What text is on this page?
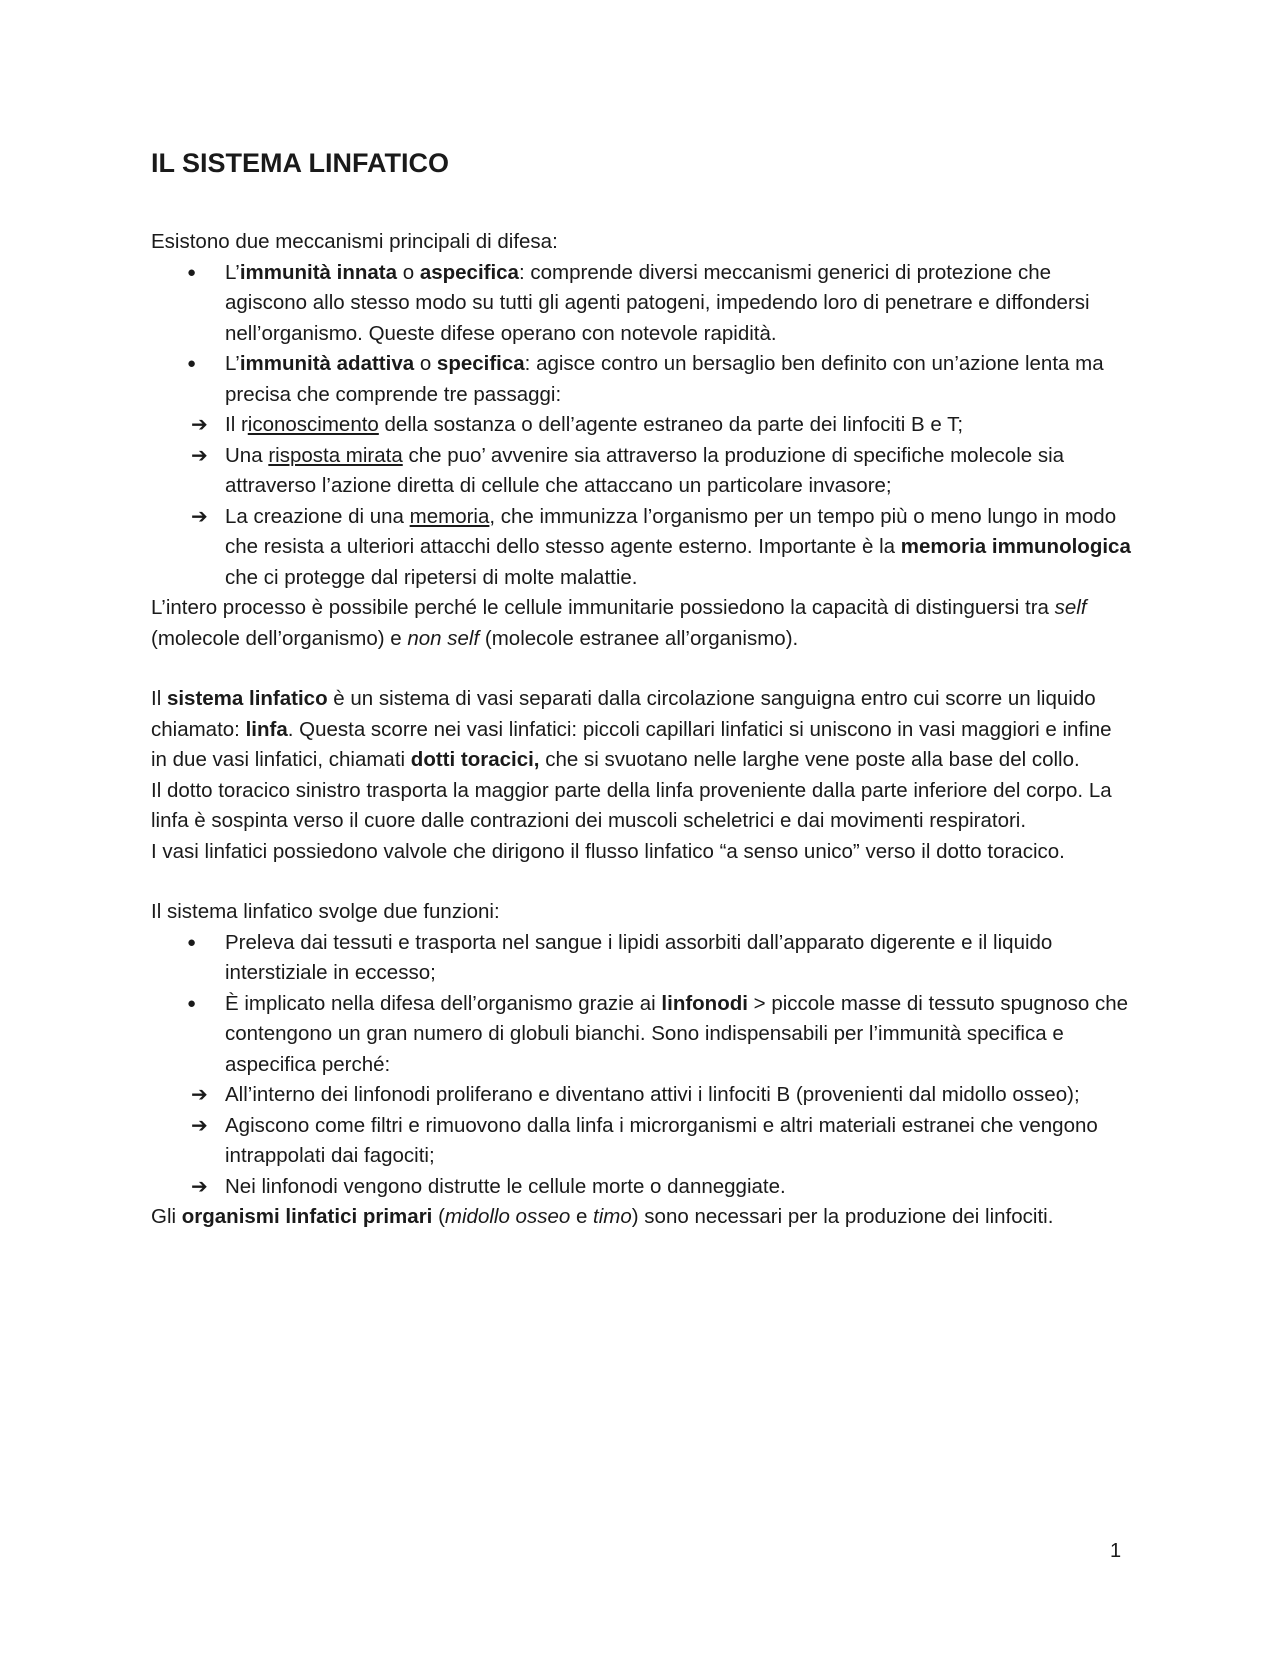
IL SISTEMA LINFATICO

Esistono due meccanismi principali di difesa:

●	L’immunità innata o aspecifica: comprende diversi meccanismi generici di protezione che agiscono allo stesso modo su tutti gli agenti patogeni, impedendo loro di penetrare e diffondersi nell’organismo. Queste difese operano con notevole rapidità.
●	L’immunità adattiva o specifica: agisce contro un bersaglio ben definito con un’azione lenta ma precisa che comprende tre passaggi:
➔ Il riconoscimento della sostanza o dell’agente estraneo da parte dei linfociti B e T;
➔ Una risposta mirata che puo’ avvenire sia attraverso la produzione di specifiche molecole sia attraverso l’azione diretta di cellule che attaccano un particolare invasore;
➔ La creazione di una memoria, che immunizza l’organismo per un tempo più o meno lungo in modo che resista a ulteriori attacchi dello stesso agente esterno. Importante è la memoria immunologica che ci protegge dal ripetersi di molte malattie.

L’intero processo è possibile perché le cellule immunitarie possiedono la capacità di distinguersi tra self (molecole dell’organismo) e non self (molecole estranee all’organismo).

Il sistema linfatico è un sistema di vasi separati dalla circolazione sanguigna entro cui scorre un liquido chiamato: linfa. Questa scorre nei vasi linfatici: piccoli capillari linfatici si uniscono in vasi maggiori e infine in due vasi linfatici, chiamati dotti toracici, che si svuotano nelle larghe vene poste alla base del collo.

Il dotto toracico sinistro trasporta la maggior parte della linfa proveniente dalla parte inferiore del corpo. La linfa è sospinta verso il cuore dalle contrazioni dei muscoli scheletrici e dai movimenti respiratori.

I vasi linfatici possiedono valvole che dirigono il flusso linfatico “a senso unico” verso il dotto toracico.

Il sistema linfatico svolge due funzioni:

●	Preleva dai tessuti e trasporta nel sangue i lipidi assorbiti dall’apparato digerente e il liquido interstiziale in eccesso;
●	È implicato nella difesa dell’organismo grazie ai linfonodi > piccole masse di tessuto spugnoso che contengono un gran numero di globuli bianchi. Sono indispensabili per l’immunità specifica e aspecifica perché:
➔ All’interno dei linfonodi proliferano e diventano attivi i linfociti B (provenienti dal midollo osseo);
➔ Agiscono come filtri e rimuovono dalla linfa i microrganismi e altri materiali estranei che vengono intrappolati dai fagociti;
➔ Nei linfonodi vengono distrutte le cellule morte o danneggiate.

Gli organismi linfatici primari (midollo osseo e timo) sono necessari per la produzione dei linfociti.

1
